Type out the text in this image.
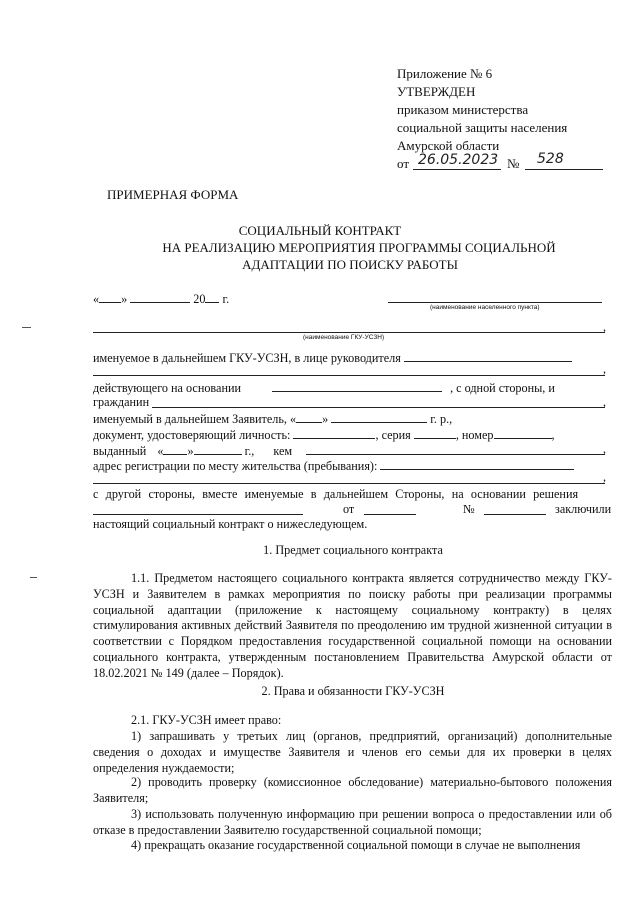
Приложение № 6
УТВЕРЖДЕН
приказом министерства
социальной защиты населения
Амурской области
от 26.05.2023 № 528
ПРИМЕРНАЯ ФОРМА
СОЦИАЛЬНЫЙ КОНТРАКТ
НА РЕАЛИЗАЦИЮ МЕРОПРИЯТИЯ ПРОГРАММЫ СОЦИАЛЬНОЙ
АДАПТАЦИИ ПО ПОИСКУ РАБОТЫ
« »	20 г.
(наименование населенного пункта)
,
(наименование ГКУ-УСЗН)
именуемое в дальнейшем ГКУ-УСЗН, в лице руководителя
,
действующего на основании	, с одной стороны, и
гражданин	,
именуемый в дальнейшем Заявитель, « »	г. р.,
документ, удостоверяющий личность:	, серия	, номер	,
выданный « »	г., кем	,
адрес регистрации по месту жительства (пребывания):
,
с другой стороны, вместе именуемые в дальнейшем Стороны, на основании решения
от	№	заключили
настоящий социальный контракт о нижеследующем.
1. Предмет социального контракта
1.1. Предметом настоящего социального контракта является сотрудничество между ГКУ-УСЗН и Заявителем в рамках мероприятия по поиску работы при реализации программы социальной адаптации (приложение к настоящему социальному контракту) в целях стимулирования активных действий Заявителя по преодолению им трудной жизненной ситуации в соответствии с Порядком предоставления государственной социальной помощи на основании социального контракта, утвержденным постановлением Правительства Амурской области от 18.02.2021 № 149 (далее – Порядок).
2. Права и обязанности ГКУ-УСЗН
2.1. ГКУ-УСЗН имеет право:
1) запрашивать у третьих лиц (органов, предприятий, организаций) дополнительные сведения о доходах и имуществе Заявителя и членов его семьи для их проверки в целях определения нуждаемости;
2) проводить проверку (комиссионное обследование) материально-бытового положения Заявителя;
3) использовать полученную информацию при решении вопроса о предоставлении или об отказе в предоставлении Заявителю государственной социальной помощи;
4) прекращать оказание государственной социальной помощи в случае не выполнения
